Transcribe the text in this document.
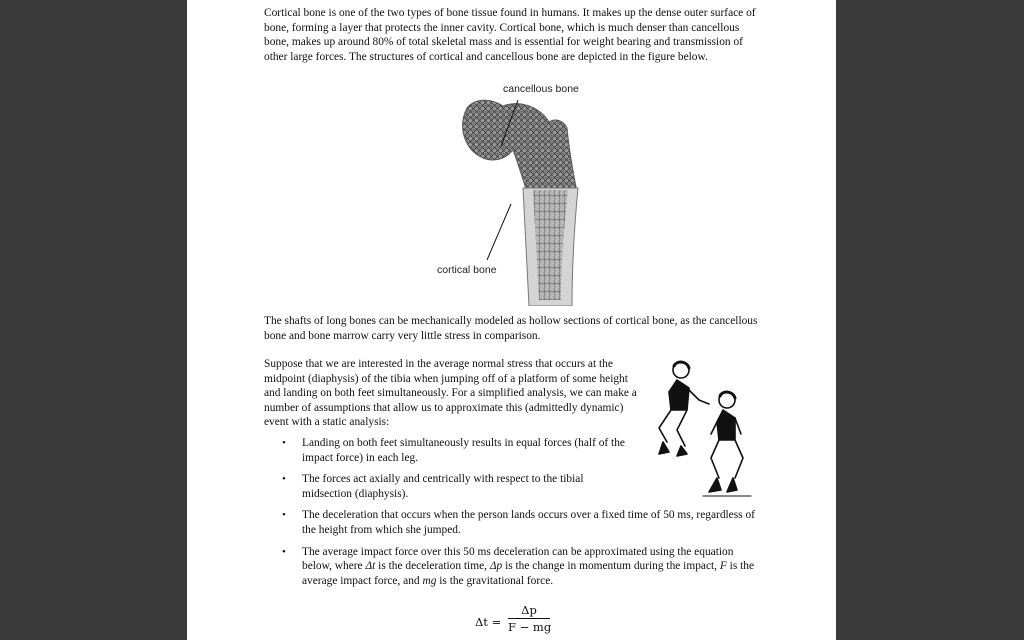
Cortical bone is one of the two types of bone tissue found in humans. It makes up the dense outer surface of bone, forming a layer that protects the inner cavity. Cortical bone, which is much denser than cancellous bone, makes up around 80% of total skeletal mass and is essential for weight bearing and transmission of other large forces. The structures of cortical and cancellous bone are depicted in the figure below.

cancellous bone
cortical bone

The shafts of long bones can be mechanically modeled as hollow sections of cortical bone, as the cancellous bone and bone marrow carry very little stress in comparison.

Suppose that we are interested in the average normal stress that occurs at the midpoint (diaphysis) of the tibia when jumping off of a platform of some height and landing on both feet simultaneously. For a simplified analysis, we can make a number of assumptions that allow us to approximate this (admittedly dynamic) event with a static analysis:

• Landing on both feet simultaneously results in equal forces (half of the impact force) in each leg.
• The forces act axially and centrically with respect to the tibial midsection (diaphysis).
• The deceleration that occurs when the person lands occurs over a fixed time of 50 ms, regardless of the height from which she jumped.
• The average impact force over this 50 ms deceleration can be approximated using the equation below, where Δt is the deceleration time, Δp is the change in momentum during the impact, F is the average impact force, and mg is the gravitational force.
Δt =
Δp
F − mg
